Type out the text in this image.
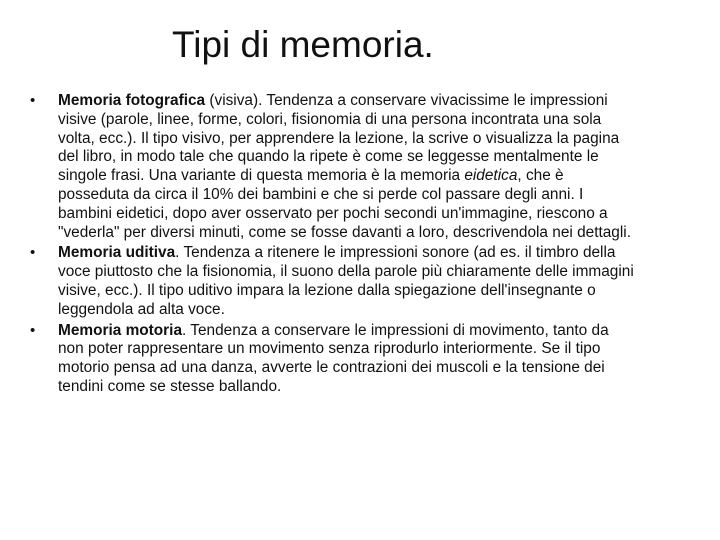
Tipi di memoria.
•	Memoria fotografica (visiva). Tendenza a conservare vivacissime le impressioni visive (parole, linee, forme, colori, fisionomia di una persona incontrata una sola volta, ecc.). Il tipo visivo, per apprendere la lezione, la scrive o visualizza la pagina del libro, in modo tale che quando la ripete è come se leggesse mentalmente le singole frasi. Una variante di questa memoria è la memoria eidetica, che è posseduta da circa il 10% dei bambini e che si perde col passare degli anni. I bambini eidetici, dopo aver osservato per pochi secondi un'immagine, riescono a "vederla" per diversi minuti, come se fosse davanti a loro, descrivendola nei dettagli.
•	Memoria uditiva. Tendenza a ritenere le impressioni sonore (ad es. il timbro della voce piuttosto che la fisionomia, il suono della parole più chiaramente delle immagini visive, ecc.). Il tipo uditivo impara la lezione dalla spiegazione dell'insegnante o leggendola ad alta voce.
•	Memoria motoria. Tendenza a conservare le impressioni di movimento, tanto da non poter rappresentare un movimento senza riprodurlo interiormente. Se il tipo motorio pensa ad una danza, avverte le contrazioni dei muscoli e la tensione dei tendini come se stesse ballando.
